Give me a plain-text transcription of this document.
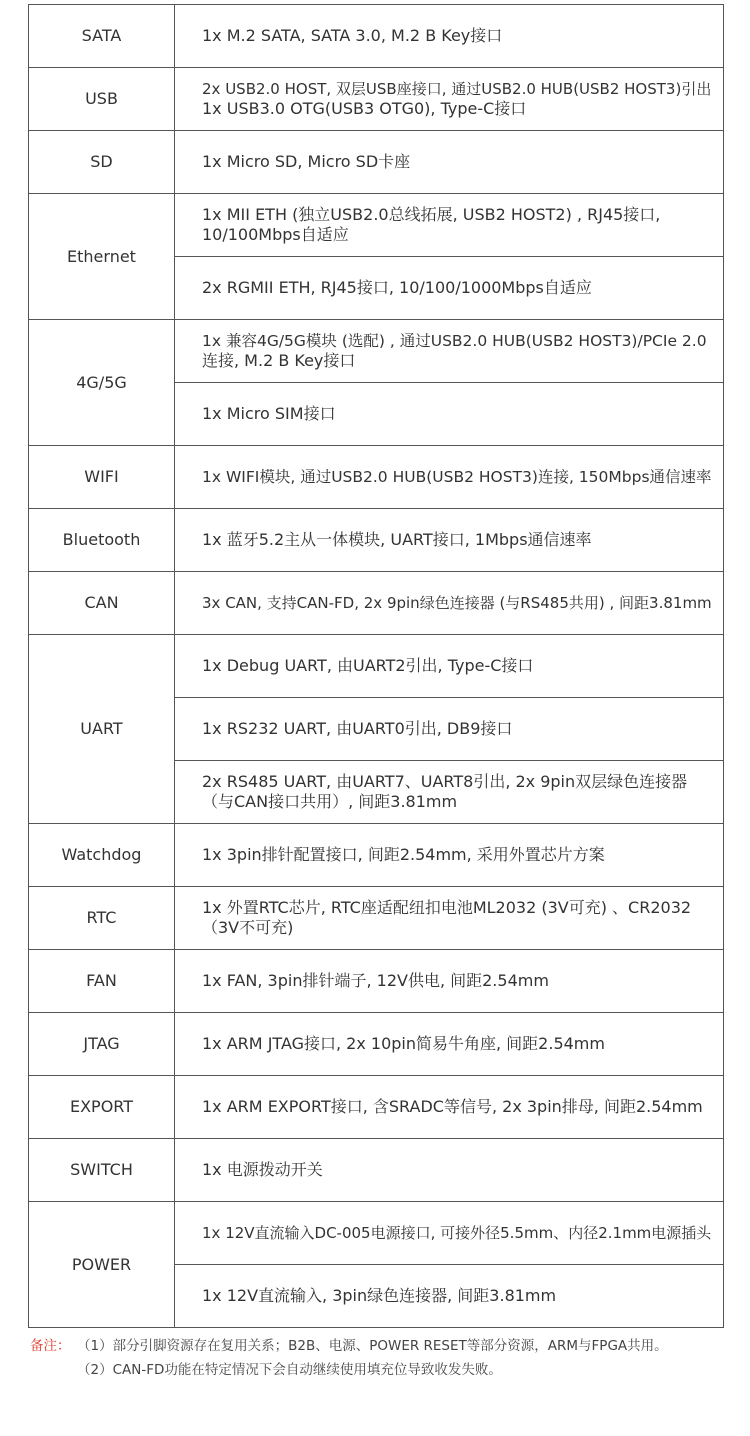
SATA	1x M.2 SATA, SATA 3.0, M.2 B Key接口

USB	2x USB2.0 HOST, 双层USB座接口, 通过USB2.0 HUB(USB2 HOST3)引出
1x USB3.0 OTG(USB3 OTG0), Type-C接口

SD	1x Micro SD, Micro SD卡座

Ethernet	1x MII ETH (独立USB2.0总线拓展, USB2 HOST2) , RJ45接口,
10/100Mbps自适应

	2x RGMII ETH, RJ45接口, 10/100/1000Mbps自适应

4G/5G	1x 兼容4G/5G模块 (选配) , 通过USB2.0 HUB(USB2 HOST3)/PCIe 2.0
连接, M.2 B Key接口

	1x Micro SIM接口

WIFI	1x WIFI模块, 通过USB2.0 HUB(USB2 HOST3)连接, 150Mbps通信速率

Bluetooth	1x 蓝牙5.2主从一体模块, UART接口, 1Mbps通信速率

CAN	3x CAN, 支持CAN-FD, 2x 9pin绿色连接器 (与RS485共用) , 间距3.81mm

UART	1x Debug UART, 由UART2引出, Type-C接口

	1x RS232 UART, 由UART0引出, DB9接口

	2x RS485 UART, 由UART7、UART8引出, 2x 9pin双层绿色连接器
（与CAN接口共用）, 间距3.81mm

Watchdog	1x 3pin排针配置接口, 间距2.54mm, 采用外置芯片方案

RTC	1x 外置RTC芯片, RTC座适配纽扣电池ML2032 (3V可充) 、CR2032
（3V不可充)

FAN	1x FAN, 3pin排针端子, 12V供电, 间距2.54mm

JTAG	1x ARM JTAG接口, 2x 10pin简易牛角座, 间距2.54mm

EXPORT	1x ARM EXPORT接口, 含SRADC等信号, 2x 3pin排母, 间距2.54mm

SWITCH	1x 电源拨动开关

POWER	1x 12V直流输入DC-005电源接口, 可接外径5.5mm、内径2.1mm电源插头

	1x 12V直流输入, 3pin绿色连接器, 间距3.81mm
备注： （1）部分引脚资源存在复用关系；B2B、电源、POWER RESET等部分资源，ARM与FPGA共用。
（2）CAN-FD功能在特定情况下会自动继续使用填充位导致收发失败。
